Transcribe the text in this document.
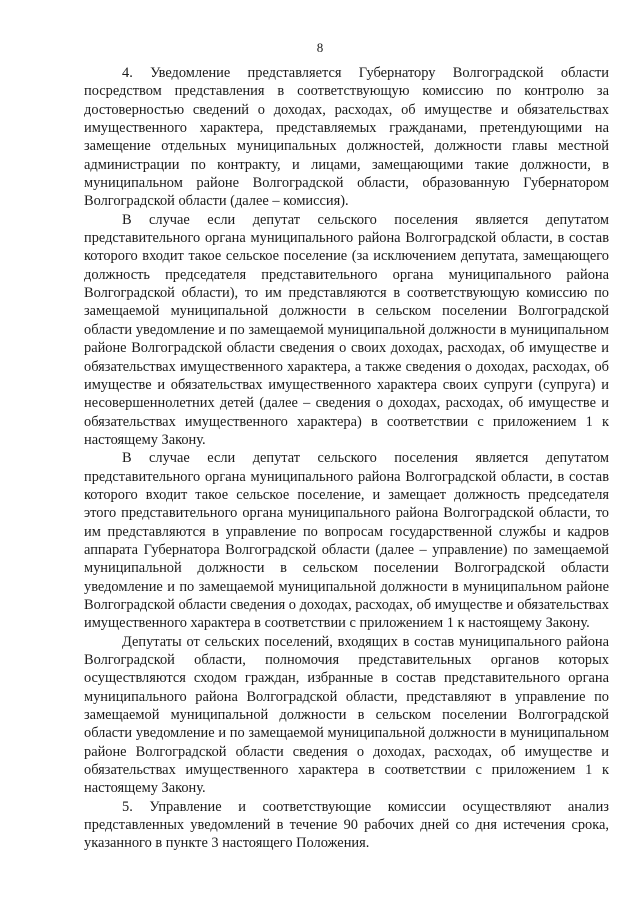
8

4. Уведомление представляется Губернатору Волгоградской области посредством представления в соответствующую комиссию по контролю за достоверностью сведений о доходах, расходах, об имуществе и обязательствах имущественного характера, представляемых гражданами, претендующими на замещение отдельных муниципальных должностей, должности главы местной администрации по контракту, и лицами, замещающими такие должности, в муниципальном районе Волгоградской области, образованную Губернатором Волгоградской области (далее – комиссия).

В случае если депутат сельского поселения является депутатом представительного органа муниципального района Волгоградской области, в состав которого входит такое сельское поселение (за исключением депутата, замещающего должность председателя представительного органа муниципального района Волгоградской области), то им представляются в соответствующую комиссию по замещаемой муниципальной должности в сельском поселении Волгоградской области уведомление и по замещаемой муниципальной должности в муниципальном районе Волгоградской области сведения о своих доходах, расходах, об имуществе и обязательствах имущественного характера, а также сведения о доходах, расходах, об имуществе и обязательствах имущественного характера своих супруги (супруга) и несовершеннолетних детей (далее – сведения о доходах, расходах, об имуществе и обязательствах имущественного характера) в соответствии с приложением 1 к настоящему Закону.

В случае если депутат сельского поселения является депутатом представительного органа муниципального района Волгоградской области, в состав которого входит такое сельское поселение, и замещает должность председателя этого представительного органа муниципального района Волгоградской области, то им представляются в управление по вопросам государственной службы и кадров аппарата Губернатора Волгоградской области (далее – управление) по замещаемой муниципальной должности в сельском поселении Волгоградской области уведомление и по замещаемой муниципальной должности в муниципальном районе Волгоградской области сведения о доходах, расходах, об имуществе и обязательствах имущественного характера в соответствии с приложением 1 к настоящему Закону.

Депутаты от сельских поселений, входящих в состав муниципального района Волгоградской области, полномочия представительных органов которых осуществляются сходом граждан, избранные в состав представительного органа муниципального района Волгоградской области, представляют в управление по замещаемой муниципальной должности в сельском поселении Волгоградской области уведомление и по замещаемой муниципальной должности в муниципальном районе Волгоградской области сведения о доходах, расходах, об имуществе и обязательствах имущественного характера в соответствии с приложением 1 к настоящему Закону.

5. Управление и соответствующие комиссии осуществляют анализ представленных уведомлений в течение 90 рабочих дней со дня истечения срока, указанного в пункте 3 настоящего Положения.
